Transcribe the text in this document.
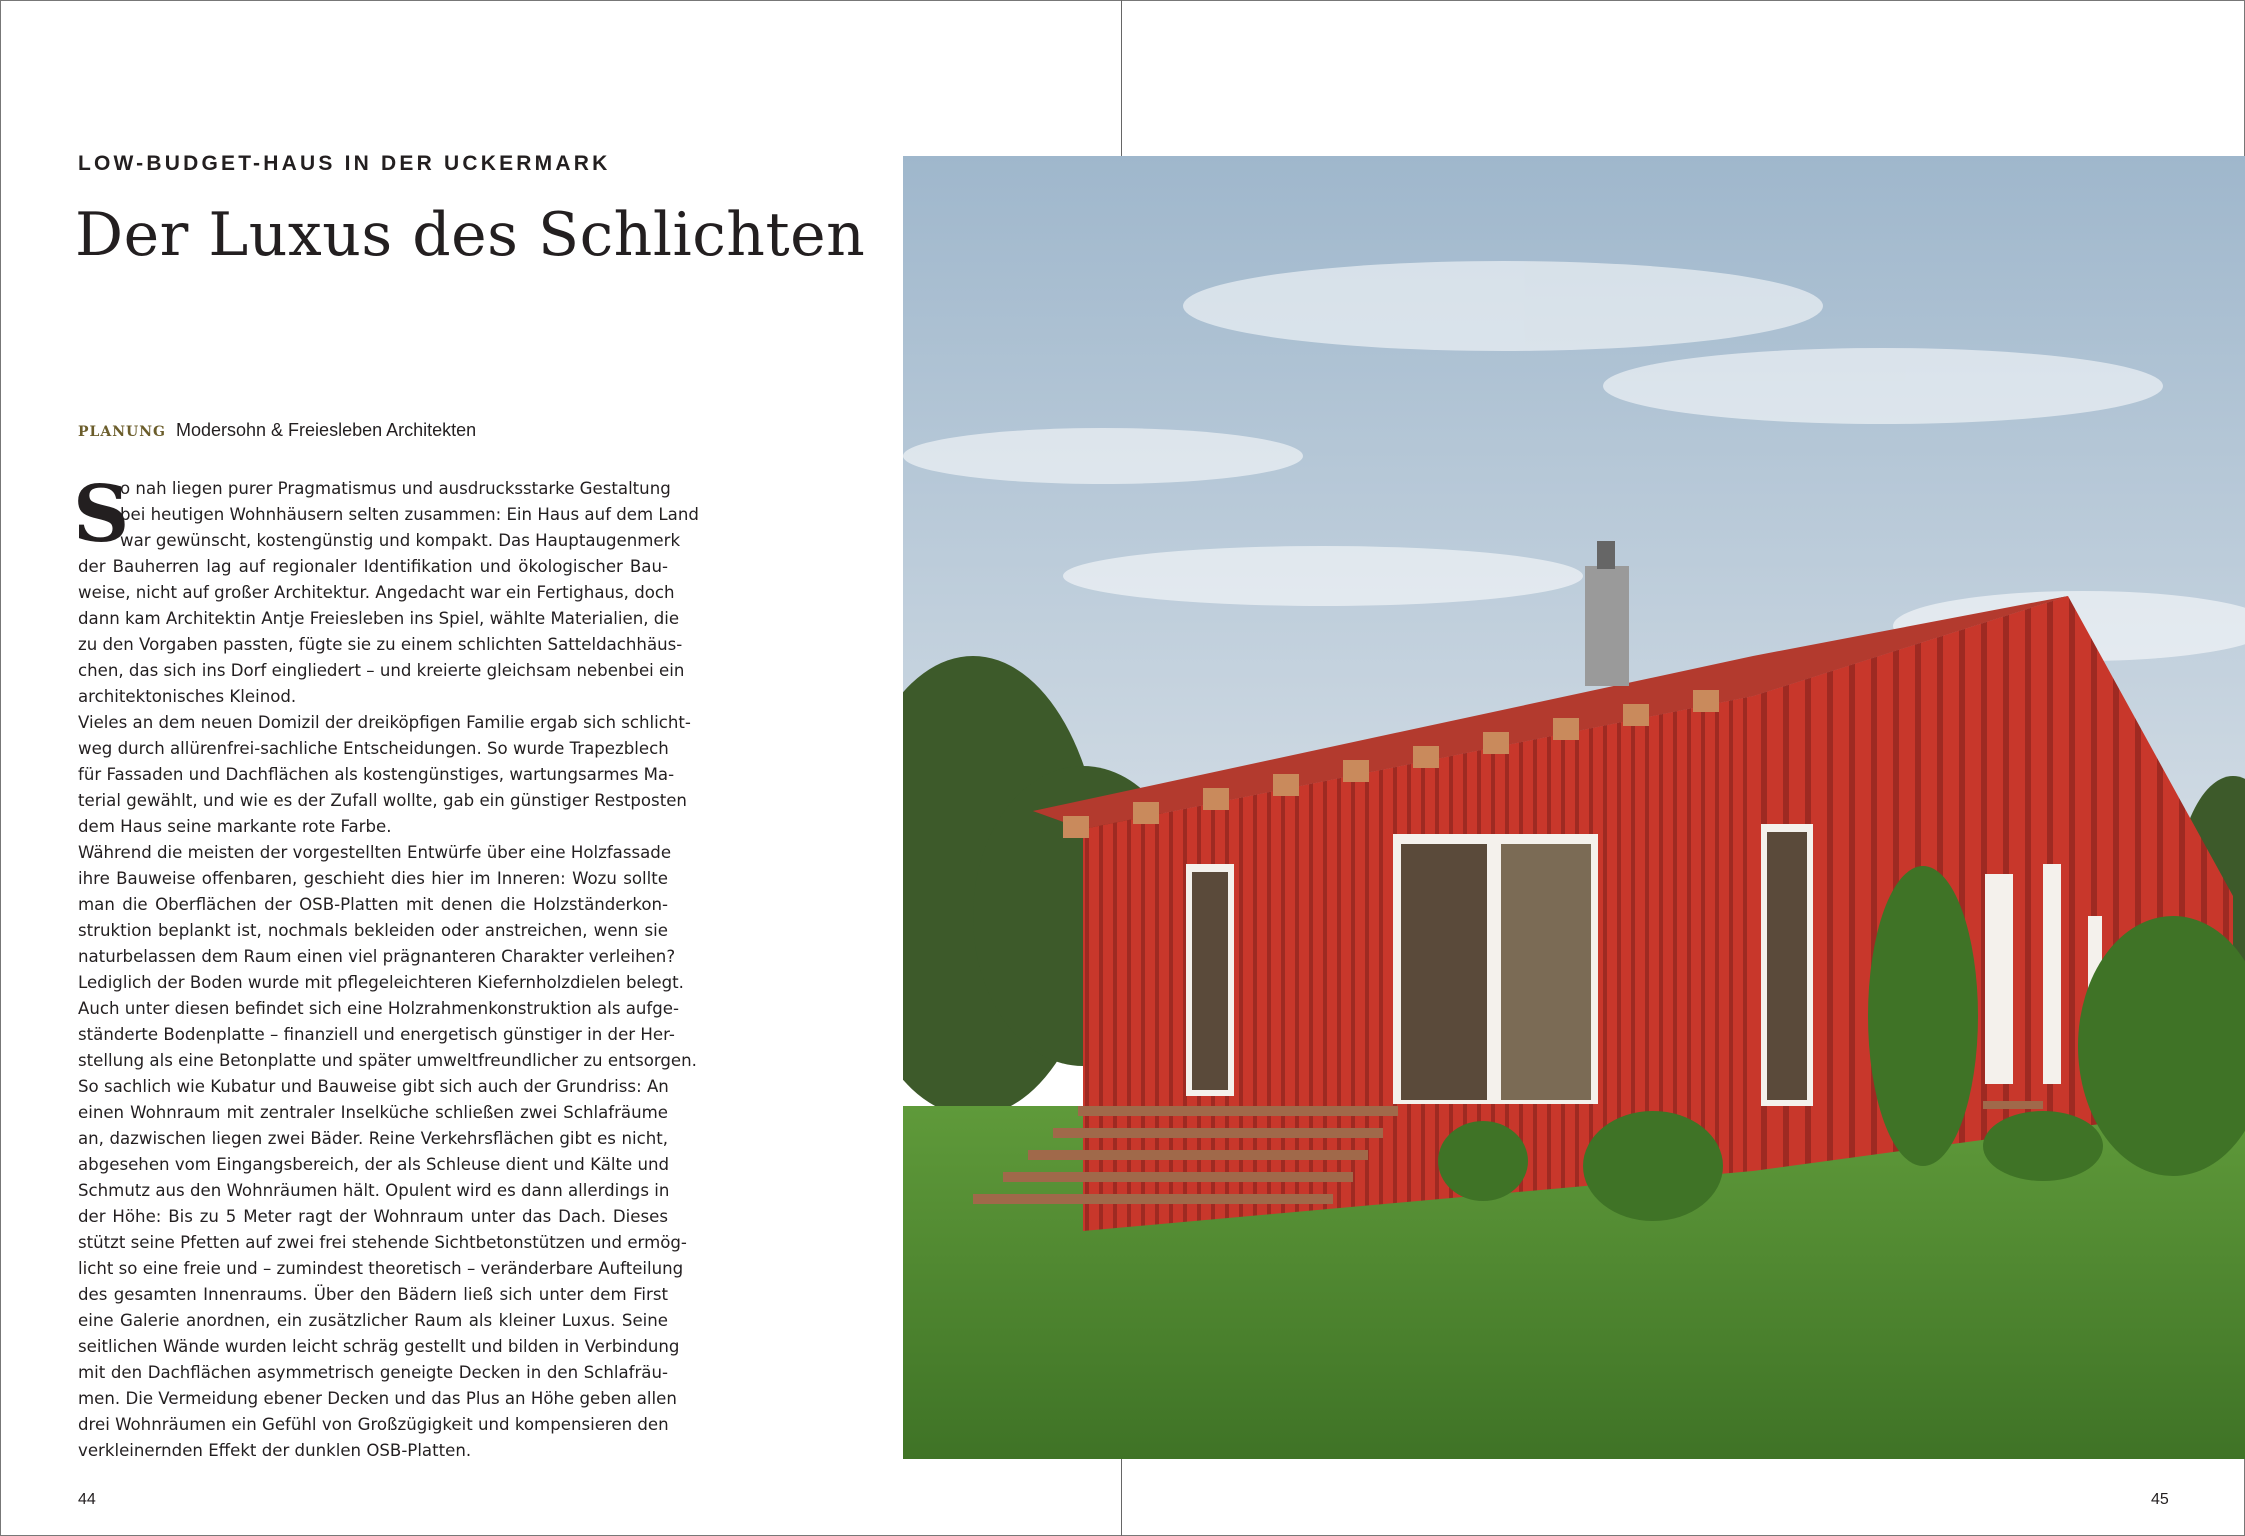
LOW-BUDGET-HAUS IN DER UCKERMARK
Der Luxus des Schlichten

PLANUNG Modersohn & Freiesleben Architekten

S
o nah liegen purer Pragmatismus und ausdrucksstarke Gestaltung
bei heutigen Wohnhäusern selten zusammen: Ein Haus auf dem Land
war gewünscht, kostengünstig und kompakt. Das Hauptaugenmerk
der Bauherren lag auf regionaler Identifikation und ökologischer Bau-
weise, nicht auf großer Architektur. Angedacht war ein Fertighaus, doch
dann kam Architektin Antje Freiesleben ins Spiel, wählte Materialien, die
zu den Vorgaben passten, fügte sie zu einem schlichten Satteldachhäus-
chen, das sich ins Dorf eingliedert – und kreierte gleichsam nebenbei ein
architektonisches Kleinod.
Vieles an dem neuen Domizil der dreiköpfigen Familie ergab sich schlicht-
weg durch allürenfrei-sachliche Entscheidungen. So wurde Trapezblech
für Fassaden und Dachflächen als kostengünstiges, wartungsarmes Ma-
terial gewählt, und wie es der Zufall wollte, gab ein günstiger Restposten
dem Haus seine markante rote Farbe.
Während die meisten der vorgestellten Entwürfe über eine Holzfassade
ihre Bauweise offenbaren, geschieht dies hier im Inneren: Wozu sollte
man die Oberflächen der OSB-Platten mit denen die Holzständerkon-
struktion beplankt ist, nochmals bekleiden oder anstreichen, wenn sie
naturbelassen dem Raum einen viel prägnanteren Charakter verleihen?
Lediglich der Boden wurde mit pflegeleichteren Kiefernholzdielen belegt.
Auch unter diesen befindet sich eine Holzrahmenkonstruktion als aufge-
ständerte Bodenplatte – finanziell und energetisch günstiger in der Her-
stellung als eine Betonplatte und später umweltfreundlicher zu entsorgen.
So sachlich wie Kubatur und Bauweise gibt sich auch der Grundriss: An
einen Wohnraum mit zentraler Inselküche schließen zwei Schlafräume
an, dazwischen liegen zwei Bäder. Reine Verkehrsflächen gibt es nicht,
abgesehen vom Eingangsbereich, der als Schleuse dient und Kälte und
Schmutz aus den Wohnräumen hält. Opulent wird es dann allerdings in
der Höhe: Bis zu 5 Meter ragt der Wohnraum unter das Dach. Dieses
stützt seine Pfetten auf zwei frei stehende Sichtbetonstützen und ermög-
licht so eine freie und – zumindest theoretisch – veränderbare Aufteilung
des gesamten Innenraums. Über den Bädern ließ sich unter dem First
eine Galerie anordnen, ein zusätzlicher Raum als kleiner Luxus. Seine
seitlichen Wände wurden leicht schräg gestellt und bilden in Verbindung
mit den Dachflächen asymmetrisch geneigte Decken in den Schlafräu-
men. Die Vermeidung ebener Decken und das Plus an Höhe geben allen
drei Wohnräumen ein Gefühl von Großzügigkeit und kompensieren den
verkleinernden Effekt der dunklen OSB-Platten.

44	45
